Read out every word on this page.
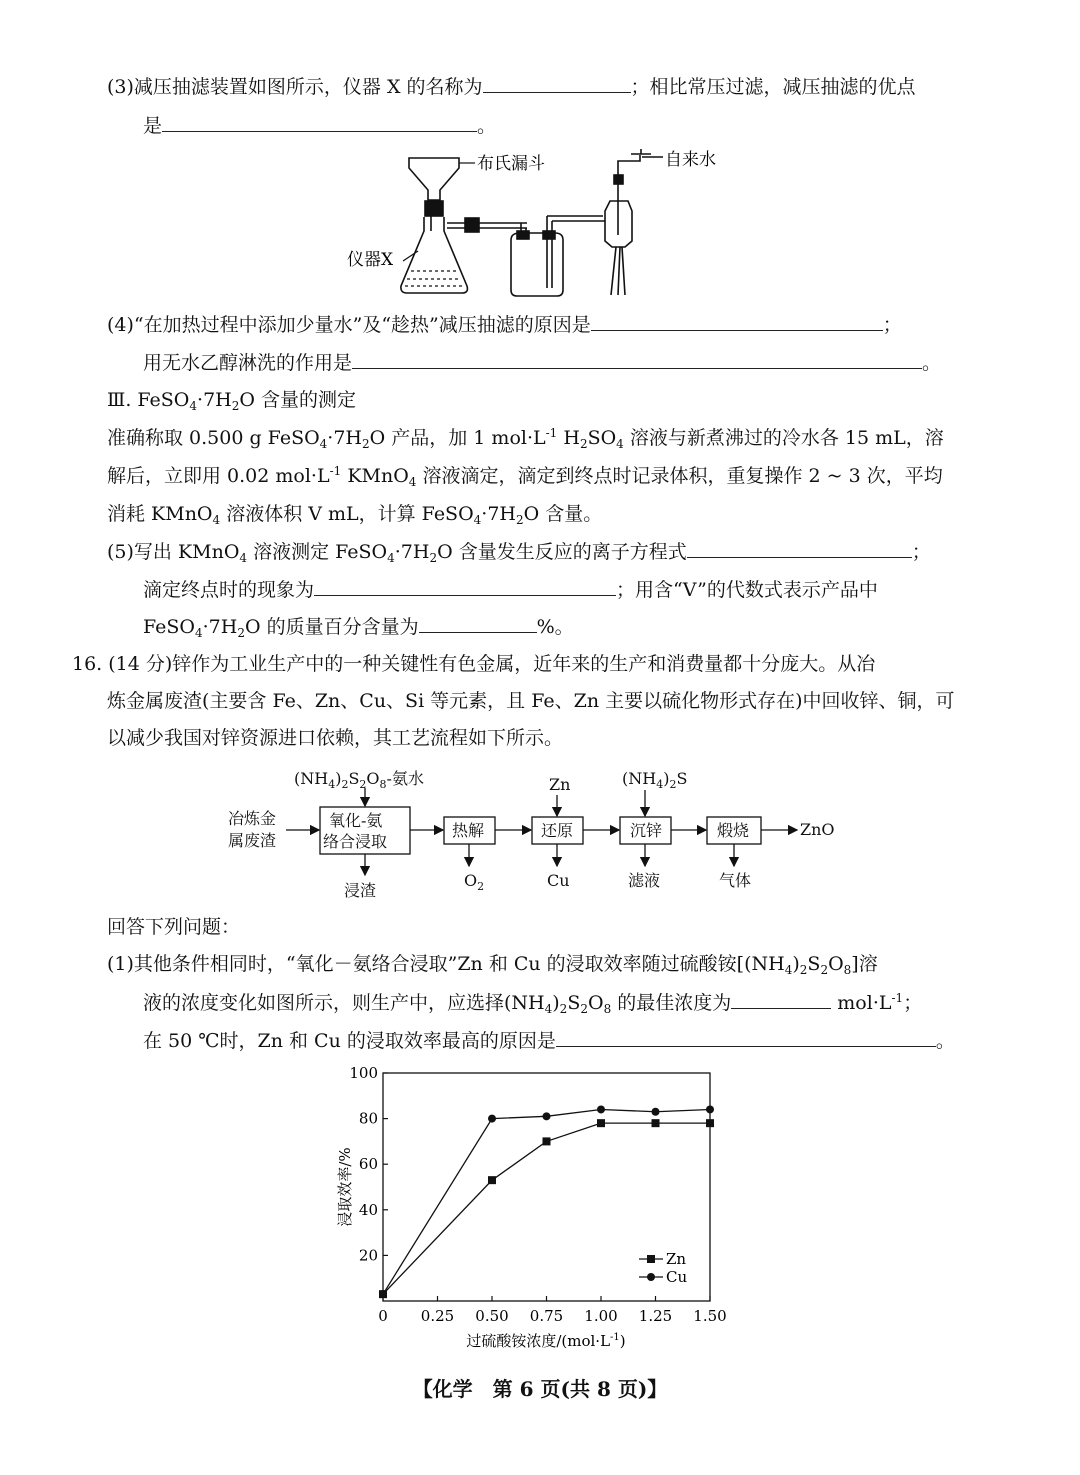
(3)减压抽滤装置如图所示，仪器 X 的名称为	；相比常压过滤，减压抽滤的优点
是	。
布氏漏斗	自来水
仪器X
(4)“在加热过程中添加少量水”及“趁热”减压抽滤的原因是	；
用无水乙醇淋洗的作用是	。
Ⅲ. $FeSO_4\cdot 7H_2O$ 含量的测定
准确称取 0.500 g $FeSO_4\cdot 7H_2O$ 产品，加 1 $mol\cdot L^{-1}$ $H_2SO_4$ 溶液与新煮沸过的冷水各 15 mL，溶
解后，立即用 0.02 $mol\cdot L^{-1}$ KMnO$_4$ 溶液滴定，滴定到终点时记录体积，重复操作 2 ~ 3 次，平均
消耗 KMnO$_4$ 溶液体积 V mL，计算 $FeSO_4\cdot 7H_2O$ 含量。
(5)写出 KMnO$_4$ 溶液测定 $FeSO_4\cdot 7H_2O$ 含量发生反应的离子方程式	；
滴定终点时的现象为	；用含“V”的代数式表示产品中
$FeSO_4\cdot 7H_2O$ 的质量百分含量为	%。
16. (14 分)锌作为工业生产中的一种关键性有色金属，近年来的生产和消费量都十分庞大。从冶
炼金属废渣(主要含 Fe、Zn、Cu、Si 等元素，且 Fe、Zn 主要以硫化物形式存在)中回收锌、铜，可
以减少我国对锌资源进口依赖，其工艺流程如下所示。
$(NH_4)_2S_2O_8-$氨水	Zn	$(NH_4)_2S$
冶炼金
属废渣
氧化-氨
络合浸取
热解	还原	沉锌	煅烧	ZnO
浸渣
$O_2$	Cu	滤液	气体
回答下列问题：
(1)其他条件相同时，“氧化－氨络合浸取”Zn 和 Cu 的浸取效率随过硫酸铵$[(NH_4)_2S_2O_8]$溶
液的浓度变化如图所示，则生产中，应选择$(NH_4)_2S_2O_8$ 的最佳浓度为	$mol\cdot L^{-1}$；
在 50 ℃时，Zn 和 Cu 的浸取效率最高的原因是	。
0 0.25 0.50 0.75 1.00 1.25 1.50
20
40
60
80
100
过硫酸铵浓度$/(mol\cdot L^{-1})$
浸取效率/%
Zn
Cu
【化学　第 6 页(共 8 页)】
